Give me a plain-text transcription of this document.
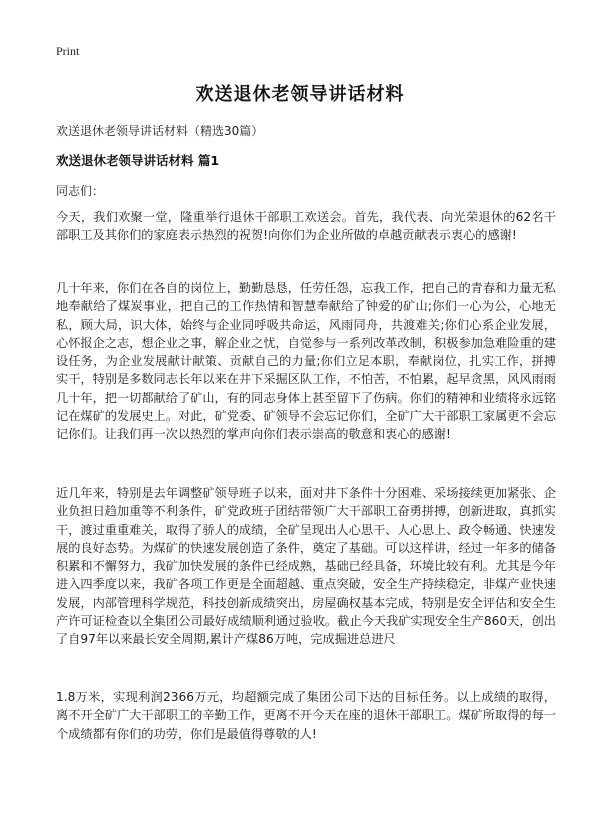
Print
欢送退休老领导讲话材料
欢送退休老领导讲话材料（精选30篇）
欢送退休老领导讲话材料 篇1
同志们：

今天，我们欢聚一堂，隆重举行退休干部职工欢送会。首先，我代表、向光荣退休的62名干部职工及其你们的家庭表示热烈的祝贺!向你们为企业所做的卓越贡献表示衷心的感谢!

几十年来，你们在各自的岗位上，勤勤恳恳，任劳任怨，忘我工作，把自己的青春和力量无私地奉献给了煤炭事业，把自己的工作热情和智慧奉献给了钟爱的矿山;你们一心为公，心地无私，顾大局，识大体，始终与企业同呼吸共命运，风雨同舟，共渡难关;你们心系企业发展，心怀报企之志，想企业之事，解企业之忧，自觉参与一系列改革改制，积极参加急难险重的建设任务，为企业发展献计献策、贡献自己的力量;你们立足本职，奉献岗位，扎实工作，拼搏实干，特别是多数同志长年以来在井下采掘区队工作，不怕苦，不怕累，起早贪黑，风风雨雨几十年，把一切都献给了矿山，有的同志身体上甚至留下了伤病。你们的精神和业绩将永远铭记在煤矿的发展史上。对此，矿党委、矿领导不会忘记你们，全矿广大干部职工家属更不会忘记你们。让我们再一次以热烈的掌声向你们表示崇高的敬意和衷心的感谢!

近几年来，特别是去年调整矿领导班子以来，面对井下条件十分困难、采场接续更加紧张、企业负担日趋加重等不利条件，矿党政班子团结带领广大干部职工奋勇拼搏，创新进取，真抓实干，渡过重重难关，取得了骄人的成绩，全矿呈现出人心思干、人心思上、政令畅通、快速发展的良好态势。为煤矿的快速发展创造了条件，奠定了基础。可以这样讲，经过一年多的储备积累和不懈努力，我矿加快发展的条件已经成熟，基础已经具备，环境比较有利。尤其是今年进入四季度以来，我矿各项工作更是全面超越、重点突破，安全生产持续稳定，非煤产业快速发展，内部管理科学规范，科技创新成绩突出，房屋确权基本完成，特别是安全评估和安全生产许可证检查以全集团公司最好成绩顺利通过验收。截止今天我矿实现安全生产860天，创出了自97年以来最长安全周期,累计产煤86万吨，完成掘进总进尺

1.8万米，实现利润2366万元，均超额完成了集团公司下达的目标任务。以上成绩的取得，离不开全矿广大干部职工的辛勤工作，更离不开今天在座的退休干部职工。煤矿所取得的每一个成绩都有你们的功劳，你们是最值得尊敬的人!
